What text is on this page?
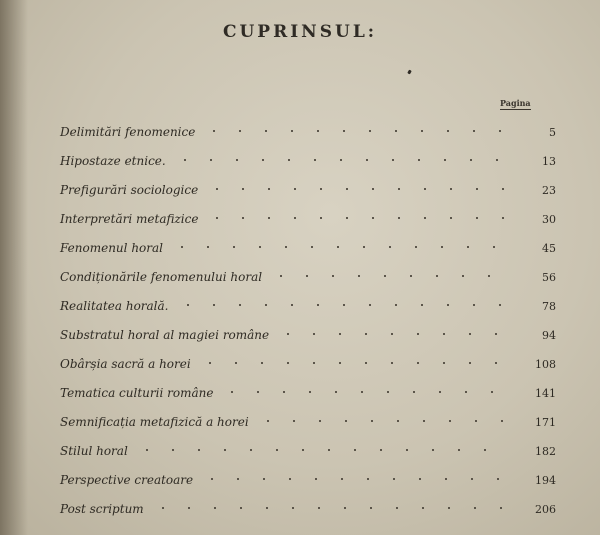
CUPRINSUL:
Pagina
Delimitări fenomenice	5
Hipostaze etnice.	13
Prefigurări sociologice	23
Interpretări metafizice	30
Fenomenul horal	45
Condiționările fenomenului horal	56
Realitatea horală.	78
Substratul horal al magiei române	94
Obârșia sacră a horei	108
Tematica culturii române	141
Semnificația metafizică a horei	171
Stilul horal	182
Perspective creatoare	194
Post scriptum	206
